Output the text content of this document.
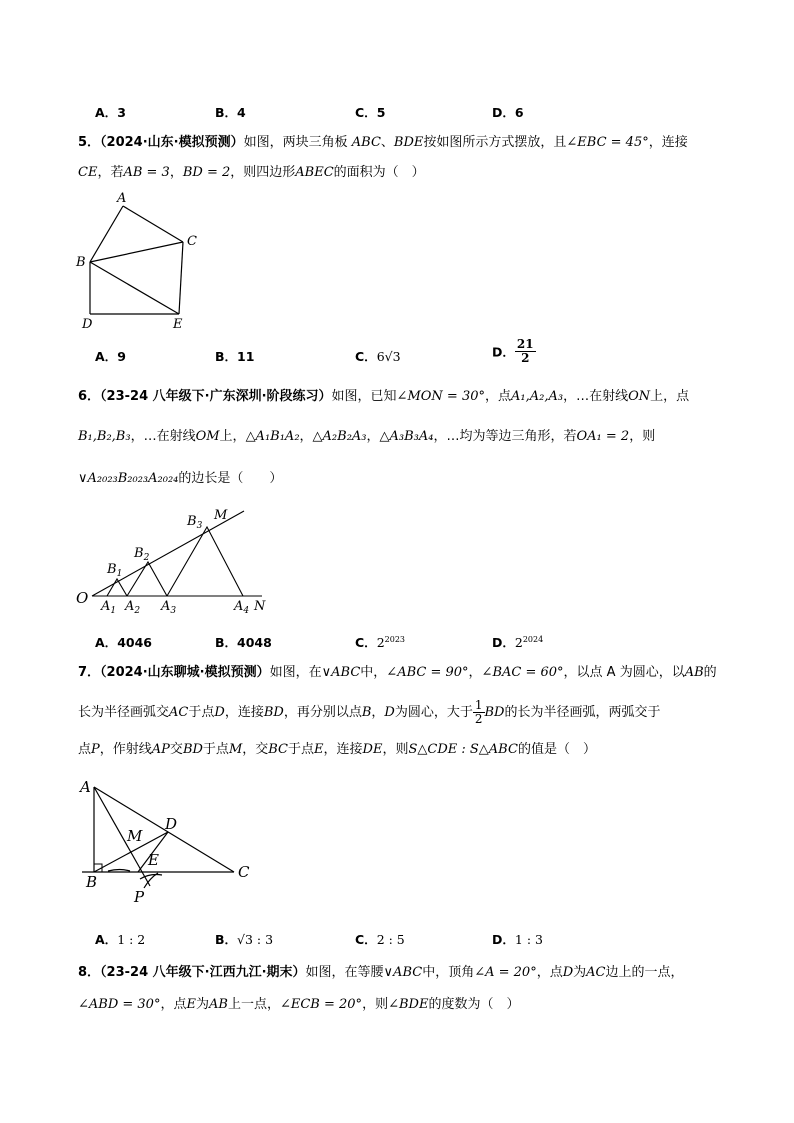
A．3	B．4	C．5	D．6
5．（2024·山东·模拟预测）如图，两块三角板 ABC、BDE按如图所示方式摆放，且∠EBC = 45°，连接
CE，若AB = 3，BD = 2，则四边形ABEC的面积为（　）
A
C
B
D	E
A．9	B．11	C．6√3	D． $\frac{21}{2}$
6．（23-24 八年级下·广东深圳·阶段练习）如图，已知∠MON = 30°，点A₁,A₂,A₃，…在射线ON上，点
B₁,B₂,B₃，…在射线OM上，△A₁B₁A₂，△A₂B₂A₃，△A₃B₃A₄，…均为等边三角形，若OA₁ = 2，则
∨A₂₀₂₃B₂₀₂₃A₂₀₂₄的边长是（　　）
O
M
N
$A_1$ $A_2$ $A_3$	$A_4$
$B_1$
$B_2$
$B_3$
A．4046	B．4048	C．$2^{2023}$	D．$2^{2024}$
7．（2024·山东聊城·模拟预测）如图，在∨ABC中，∠ABC = 90°，∠BAC = 60°，以点 A 为圆心，以AB的
长为半径画弧交AC于点D，连接BD，再分别以点B，D为圆心，大于 $\frac{1}{2}$ BD的长为半径画弧，两弧交于
点P，作射线AP交BD于点M，交BC于点E，连接DE，则S△CDE : S△ABC的值是（　）
A
B
C
D
E
M
P
A．1 : 2	B．√3 : 3	C．2 : 5	D．1 : 3
8．（23-24 八年级下·江西九江·期末）如图，在等腰∨ABC中，顶角∠A = 20°，点D为AC边上的一点，
∠ABD = 30°，点E为AB上一点，∠ECB = 20°，则∠BDE的度数为（　）
